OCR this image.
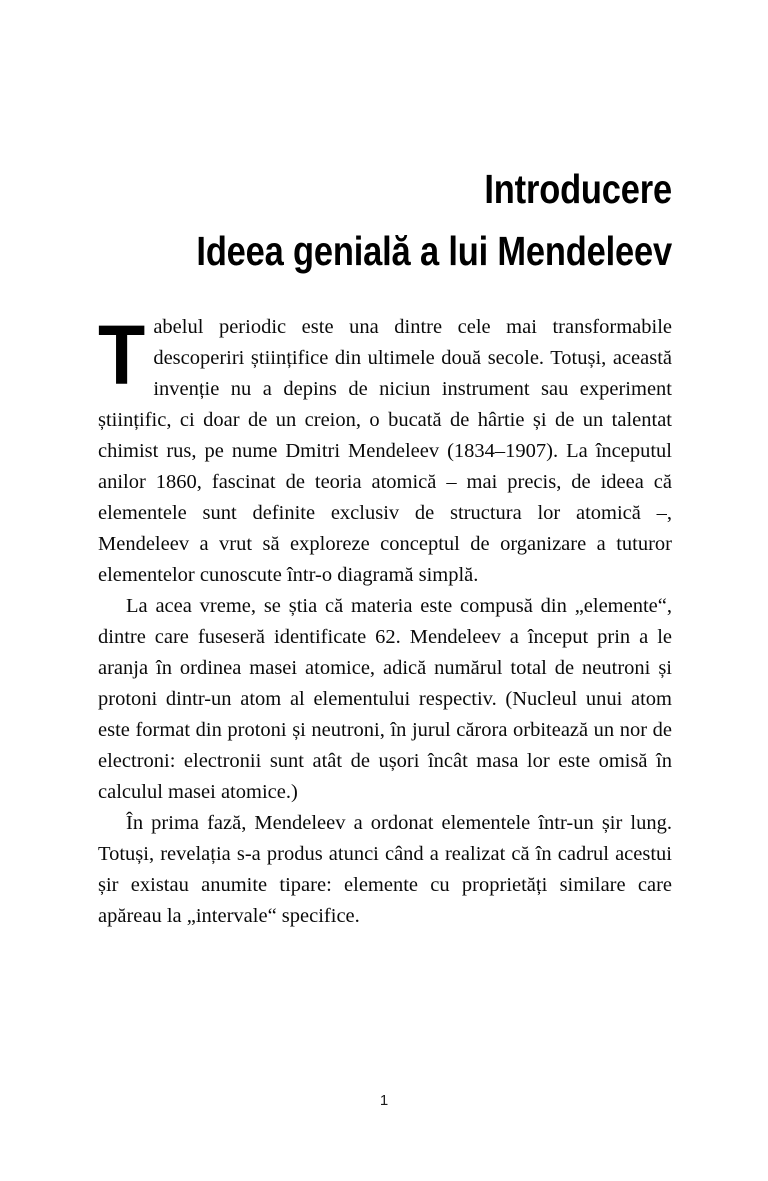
Introducere
Ideea genială a lui Mendeleev

Tabelul periodic este una dintre cele mai transformabile descoperiri științifice din ultimele două secole. Totuși, această invenție nu a depins de niciun instrument sau experiment științific, ci doar de un creion, o bucată de hârtie și de un talentat chimist rus, pe nume Dmitri Mendeleev (1834–1907). La începutul anilor 1860, fascinat de teoria atomică – mai precis, de ideea că elementele sunt definite exclusiv de structura lor atomică –, Mendeleev a vrut să exploreze conceptul de organizare a tuturor elementelor cunoscute într-o diagramă simplă.

La acea vreme, se știa că materia este compusă din „elemente“, dintre care fuseseră identificate 62. Mendeleev a început prin a le aranja în ordinea masei atomice, adică numărul total de neutroni și protoni dintr-un atom al elementului respectiv. (Nucleul unui atom este format din protoni și neutroni, în jurul cărora orbitează un nor de electroni: electronii sunt atât de ușori încât masa lor este omisă în calculul masei atomice.)

În prima fază, Mendeleev a ordonat elementele într-un șir lung. Totuși, revelația s-a produs atunci când a realizat că în cadrul acestui șir existau anumite tipare: elemente cu proprietăți similare care apăreau la „intervale“ specifice.

1
